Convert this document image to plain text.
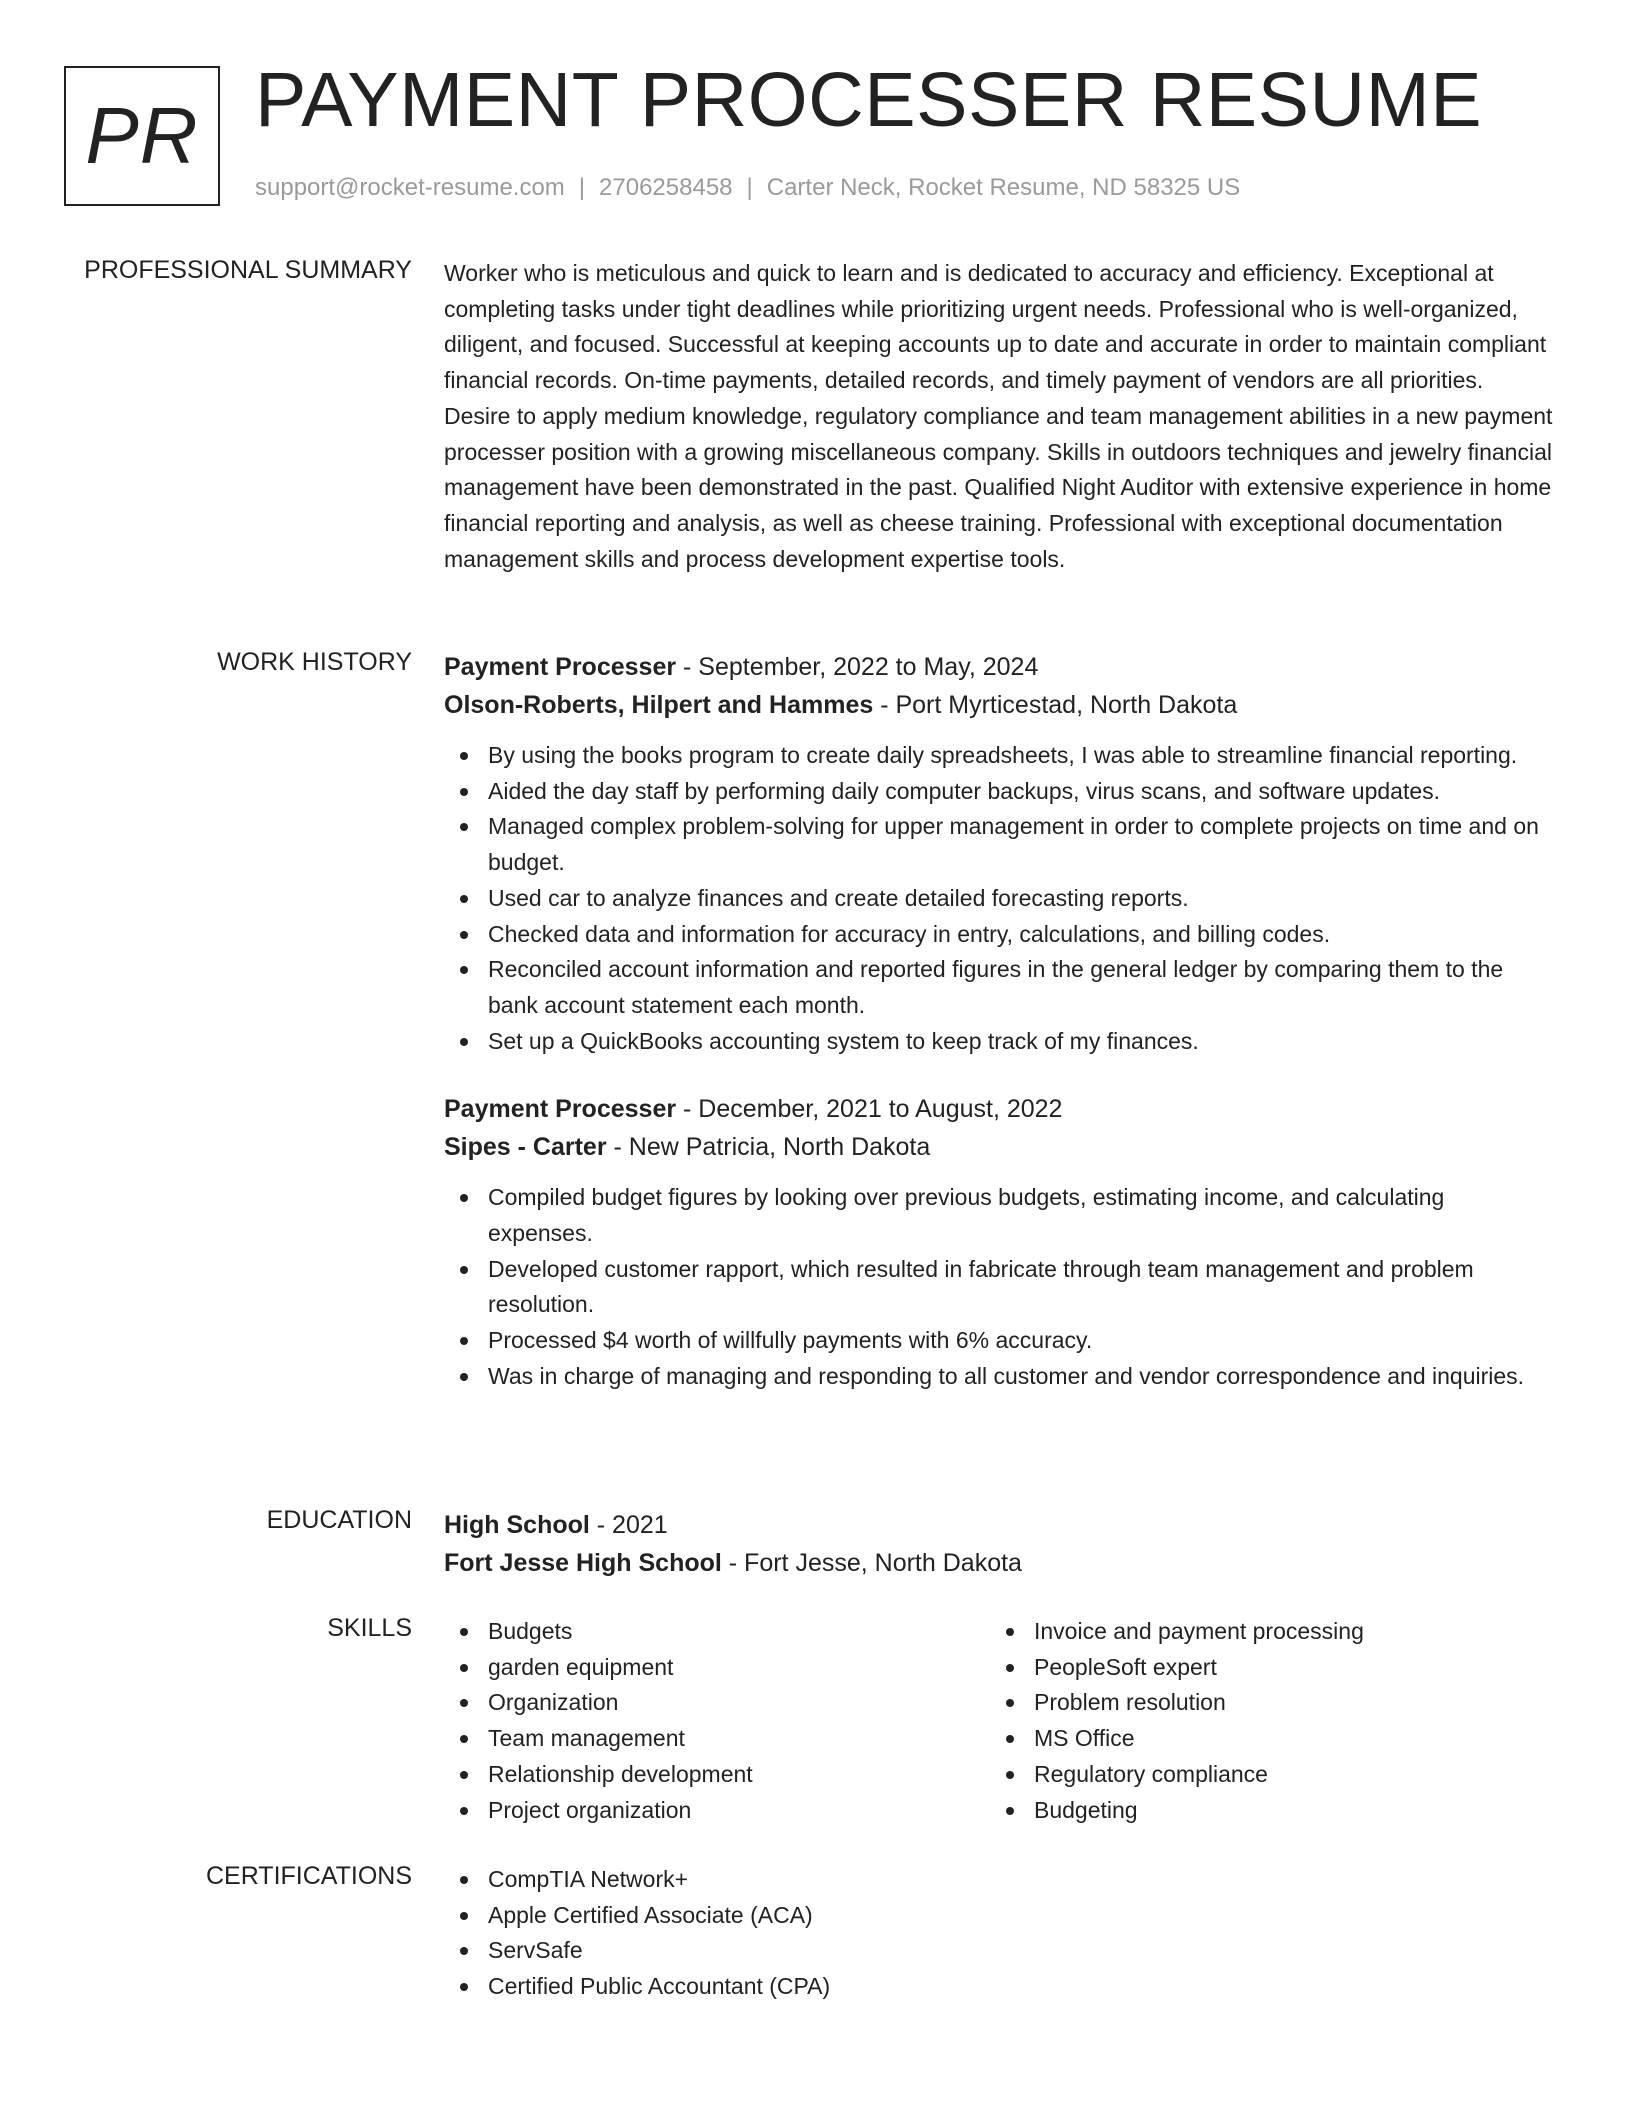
PR PAYMENT PROCESSER RESUME
support@rocket-resume.com | 2706258458 | Carter Neck, Rocket Resume, ND 58325 US
PROFESSIONAL SUMMARY Worker who is meticulous and quick to learn and is dedicated to accuracy and efficiency. Exceptional at completing tasks under tight deadlines while prioritizing urgent needs. Professional who is well-organized, diligent, and focused. Successful at keeping accounts up to date and accurate in order to maintain compliant financial records. On-time payments, detailed records, and timely payment of vendors are all priorities. Desire to apply medium knowledge, regulatory compliance and team management abilities in a new payment processer position with a growing miscellaneous company. Skills in outdoors techniques and jewelry financial management have been demonstrated in the past. Qualified Night Auditor with extensive experience in home financial reporting and analysis, as well as cheese training. Professional with exceptional documentation management skills and process development expertise tools.

WORK HISTORY Payment Processer - September, 2022 to May, 2024

Olson-Roberts, Hilpert and Hammes - Port Myrticestad, North Dakota

By using the books program to create daily spreadsheets, I was able to streamline financial reporting.
Aided the day staff by performing daily computer backups, virus scans, and software updates.
Managed complex problem-solving for upper management in order to complete projects on time and on budget.
Used car to analyze finances and create detailed forecasting reports.
Checked data and information for accuracy in entry, calculations, and billing codes.
Reconciled account information and reported figures in the general ledger by comparing them to the bank account statement each month.
Set up a QuickBooks accounting system to keep track of my finances.

Payment Processer - December, 2021 to August, 2022

Sipes - Carter - New Patricia, North Dakota

Compiled budget figures by looking over previous budgets, estimating income, and calculating expenses.
Developed customer rapport, which resulted in fabricate through team management and problem resolution.
Processed $4 worth of willfully payments with 6% accuracy.
Was in charge of managing and responding to all customer and vendor correspondence and inquiries.
EDUCATION High School - 2021

Fort Jesse High School - Fort Jesse, North Dakota

SKILLS	Budgets
garden equipment
Organization
Team management
Relationship development
Project organization
Invoice and payment processing
PeopleSoft expert
Problem resolution
MS Office
Regulatory compliance
Budgeting
CERTIFICATIONS	CompTIA Network+
Apple Certified Associate (ACA)
ServSafe
Certified Public Accountant (CPA)
